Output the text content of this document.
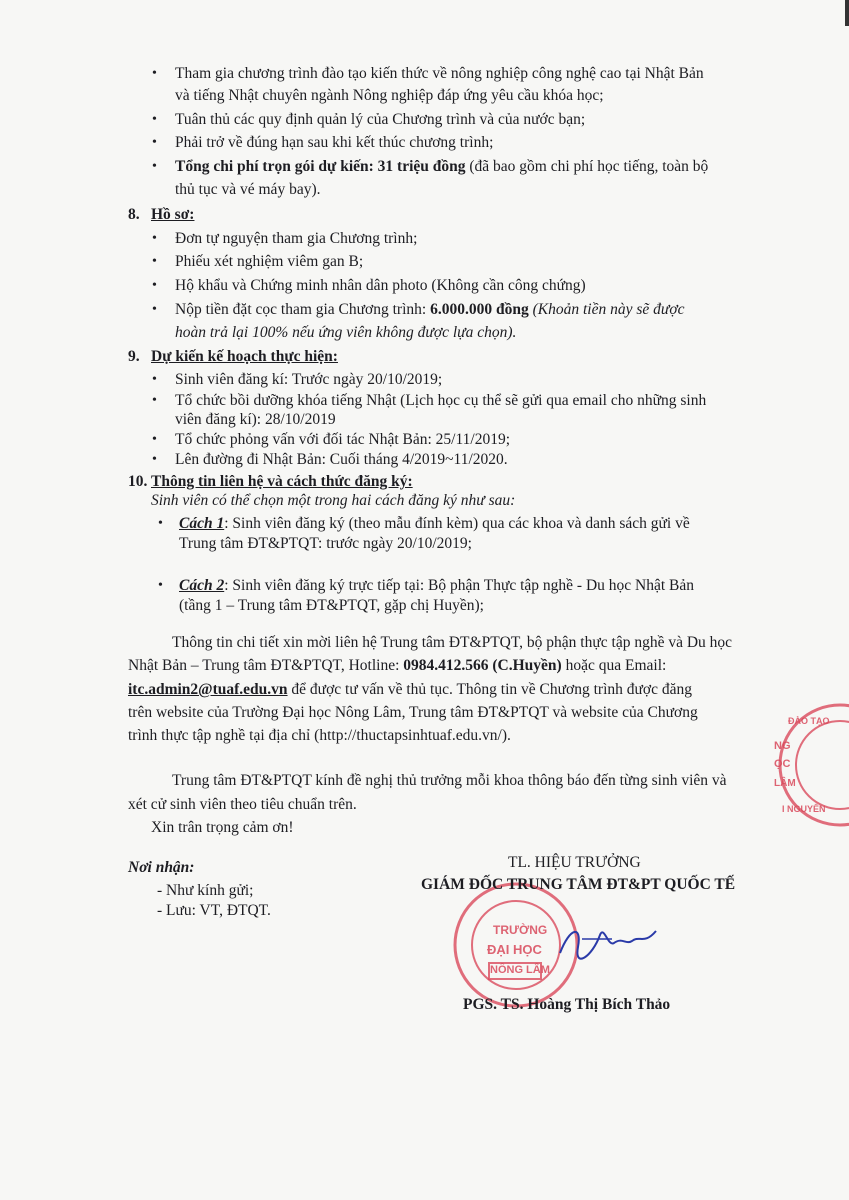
• Tham gia chương trình đào tạo kiến thức về nông nghiệp công nghệ cao tại Nhật Bản
và tiếng Nhật chuyên ngành Nông nghiệp đáp ứng yêu cầu khóa học;
• Tuân thủ các quy định quản lý của Chương trình và của nước bạn;
• Phải trở về đúng hạn sau khi kết thúc chương trình;
• Tổng chi phí trọn gói dự kiến: 31 triệu đồng (đã bao gồm chi phí học tiếng, toàn bộ
thủ tục và vé máy bay).
8. Hồ sơ:
• Đơn tự nguyện tham gia Chương trình;
• Phiếu xét nghiệm viêm gan B;
• Hộ khẩu và Chứng minh nhân dân photo (Không cần công chứng)
• Nộp tiền đặt cọc tham gia Chương trình: 6.000.000 đồng (Khoản tiền này sẽ được
hoàn trả lại 100% nếu ứng viên không được lựa chọn).
9. Dự kiến kế hoạch thực hiện:
• Sinh viên đăng kí: Trước ngày 20/10/2019;
• Tổ chức bồi dưỡng khóa tiếng Nhật (Lịch học cụ thể sẽ gửi qua email cho những sinh
viên đăng kí): 28/10/2019
• Tổ chức phỏng vấn với đối tác Nhật Bản: 25/11/2019;
• Lên đường đi Nhật Bản: Cuối tháng 4/2019~11/2020.
10. Thông tin liên hệ và cách thức đăng ký:
Sinh viên có thể chọn một trong hai cách đăng ký như sau:
• Cách 1: Sinh viên đăng ký (theo mẫu đính kèm) qua các khoa và danh sách gửi về
Trung tâm ĐT&PTQT: trước ngày 20/10/2019;
• Cách 2: Sinh viên đăng ký trực tiếp tại: Bộ phận Thực tập nghề - Du học Nhật Bản
(tầng 1 – Trung tâm ĐT&PTQT, gặp chị Huyền);
Thông tin chi tiết xin mời liên hệ Trung tâm ĐT&PTQT, bộ phận thực tập nghề và Du học
Nhật Bản – Trung tâm ĐT&PTQT, Hotline: 0984.412.566 (C.Huyền) hoặc qua Email:
itc.admin2@tuaf.edu.vn để được tư vấn về thủ tục. Thông tin về Chương trình được đăng
trên website của Trường Đại học Nông Lâm, Trung tâm ĐT&PTQT và website của Chương
trình thực tập nghề tại địa chỉ (http://thuctapsinhtuaf.edu.vn/).
Trung tâm ĐT&PTQT kính đề nghị thủ trưởng mỗi khoa thông báo đến từng sinh viên và
xét cử sinh viên theo tiêu chuẩn trên.
Xin trân trọng cảm ơn!
Nơi nhận:
- Như kính gửi;
- Lưu: VT, ĐTQT.
TL. HIỆU TRƯỞNG
TRƯỜNG
ĐẠI HỌC
NÔNG LÂM
GIÁM ĐỐC TRUNG TÂM ĐT&PT QUỐC TẾ
PGS. TS. Hoàng Thị Bích Thảo
ĐÀO TẠO
NG
ỌC
LÂM
I NGUYÊN
